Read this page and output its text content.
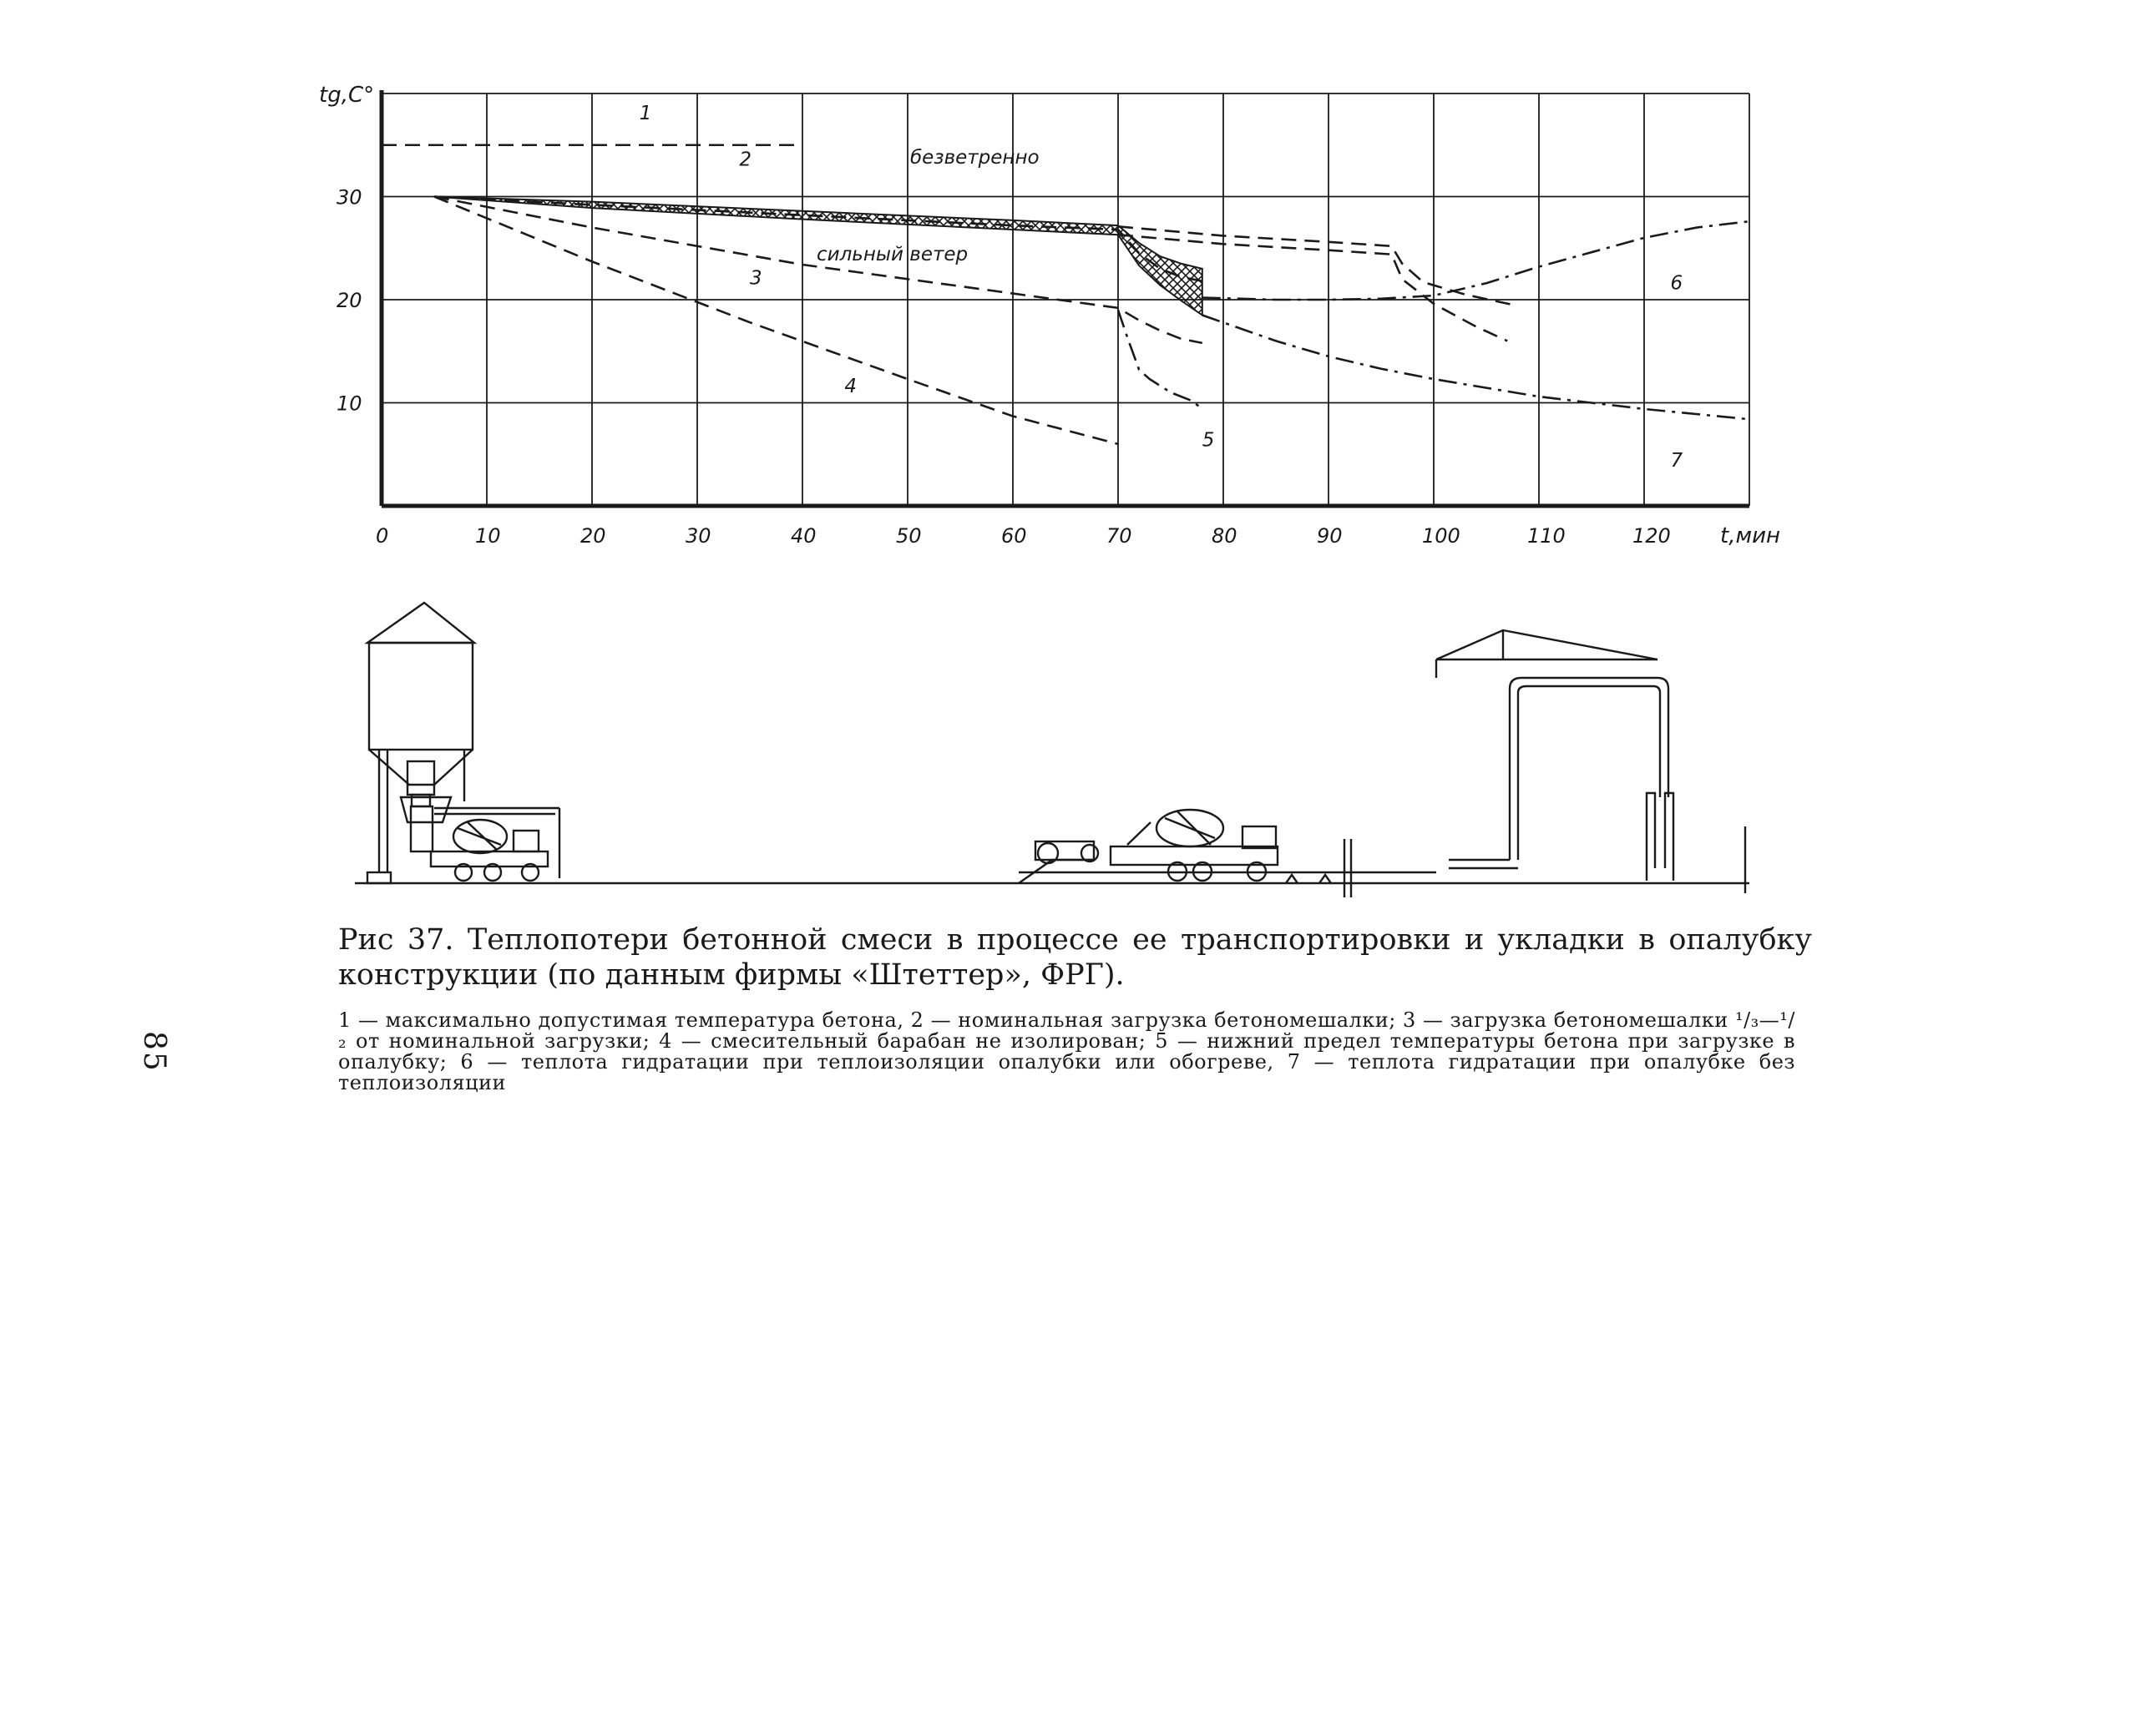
0	10	20	30	40	50	60	70	80	90	100	110	120
10
20
30
1
2
3
4
5
6
7
tg,C°
t,мин
безветренно
сильный ветер
85
Рис 37. Теплопотери бетонной смеси в процессе ее транспортировки и укладки в опалубку конструкции (по данным фирмы «Штеттер», ФРГ).
1 — максимально допустимая температура бетона, 2 — номинальная загрузка бетономешалки; 3 — загрузка бетономешалки ¹/₃—¹/₂ от номинальной загрузки; 4 — смесительный барабан не изолирован; 5 — нижний предел температуры бетона при загрузке в опалубку; 6 — теплота гидратации при теплоизоляции опалубки или обогреве, 7 — теплота гидратации при опалубке без теплоизоляции
